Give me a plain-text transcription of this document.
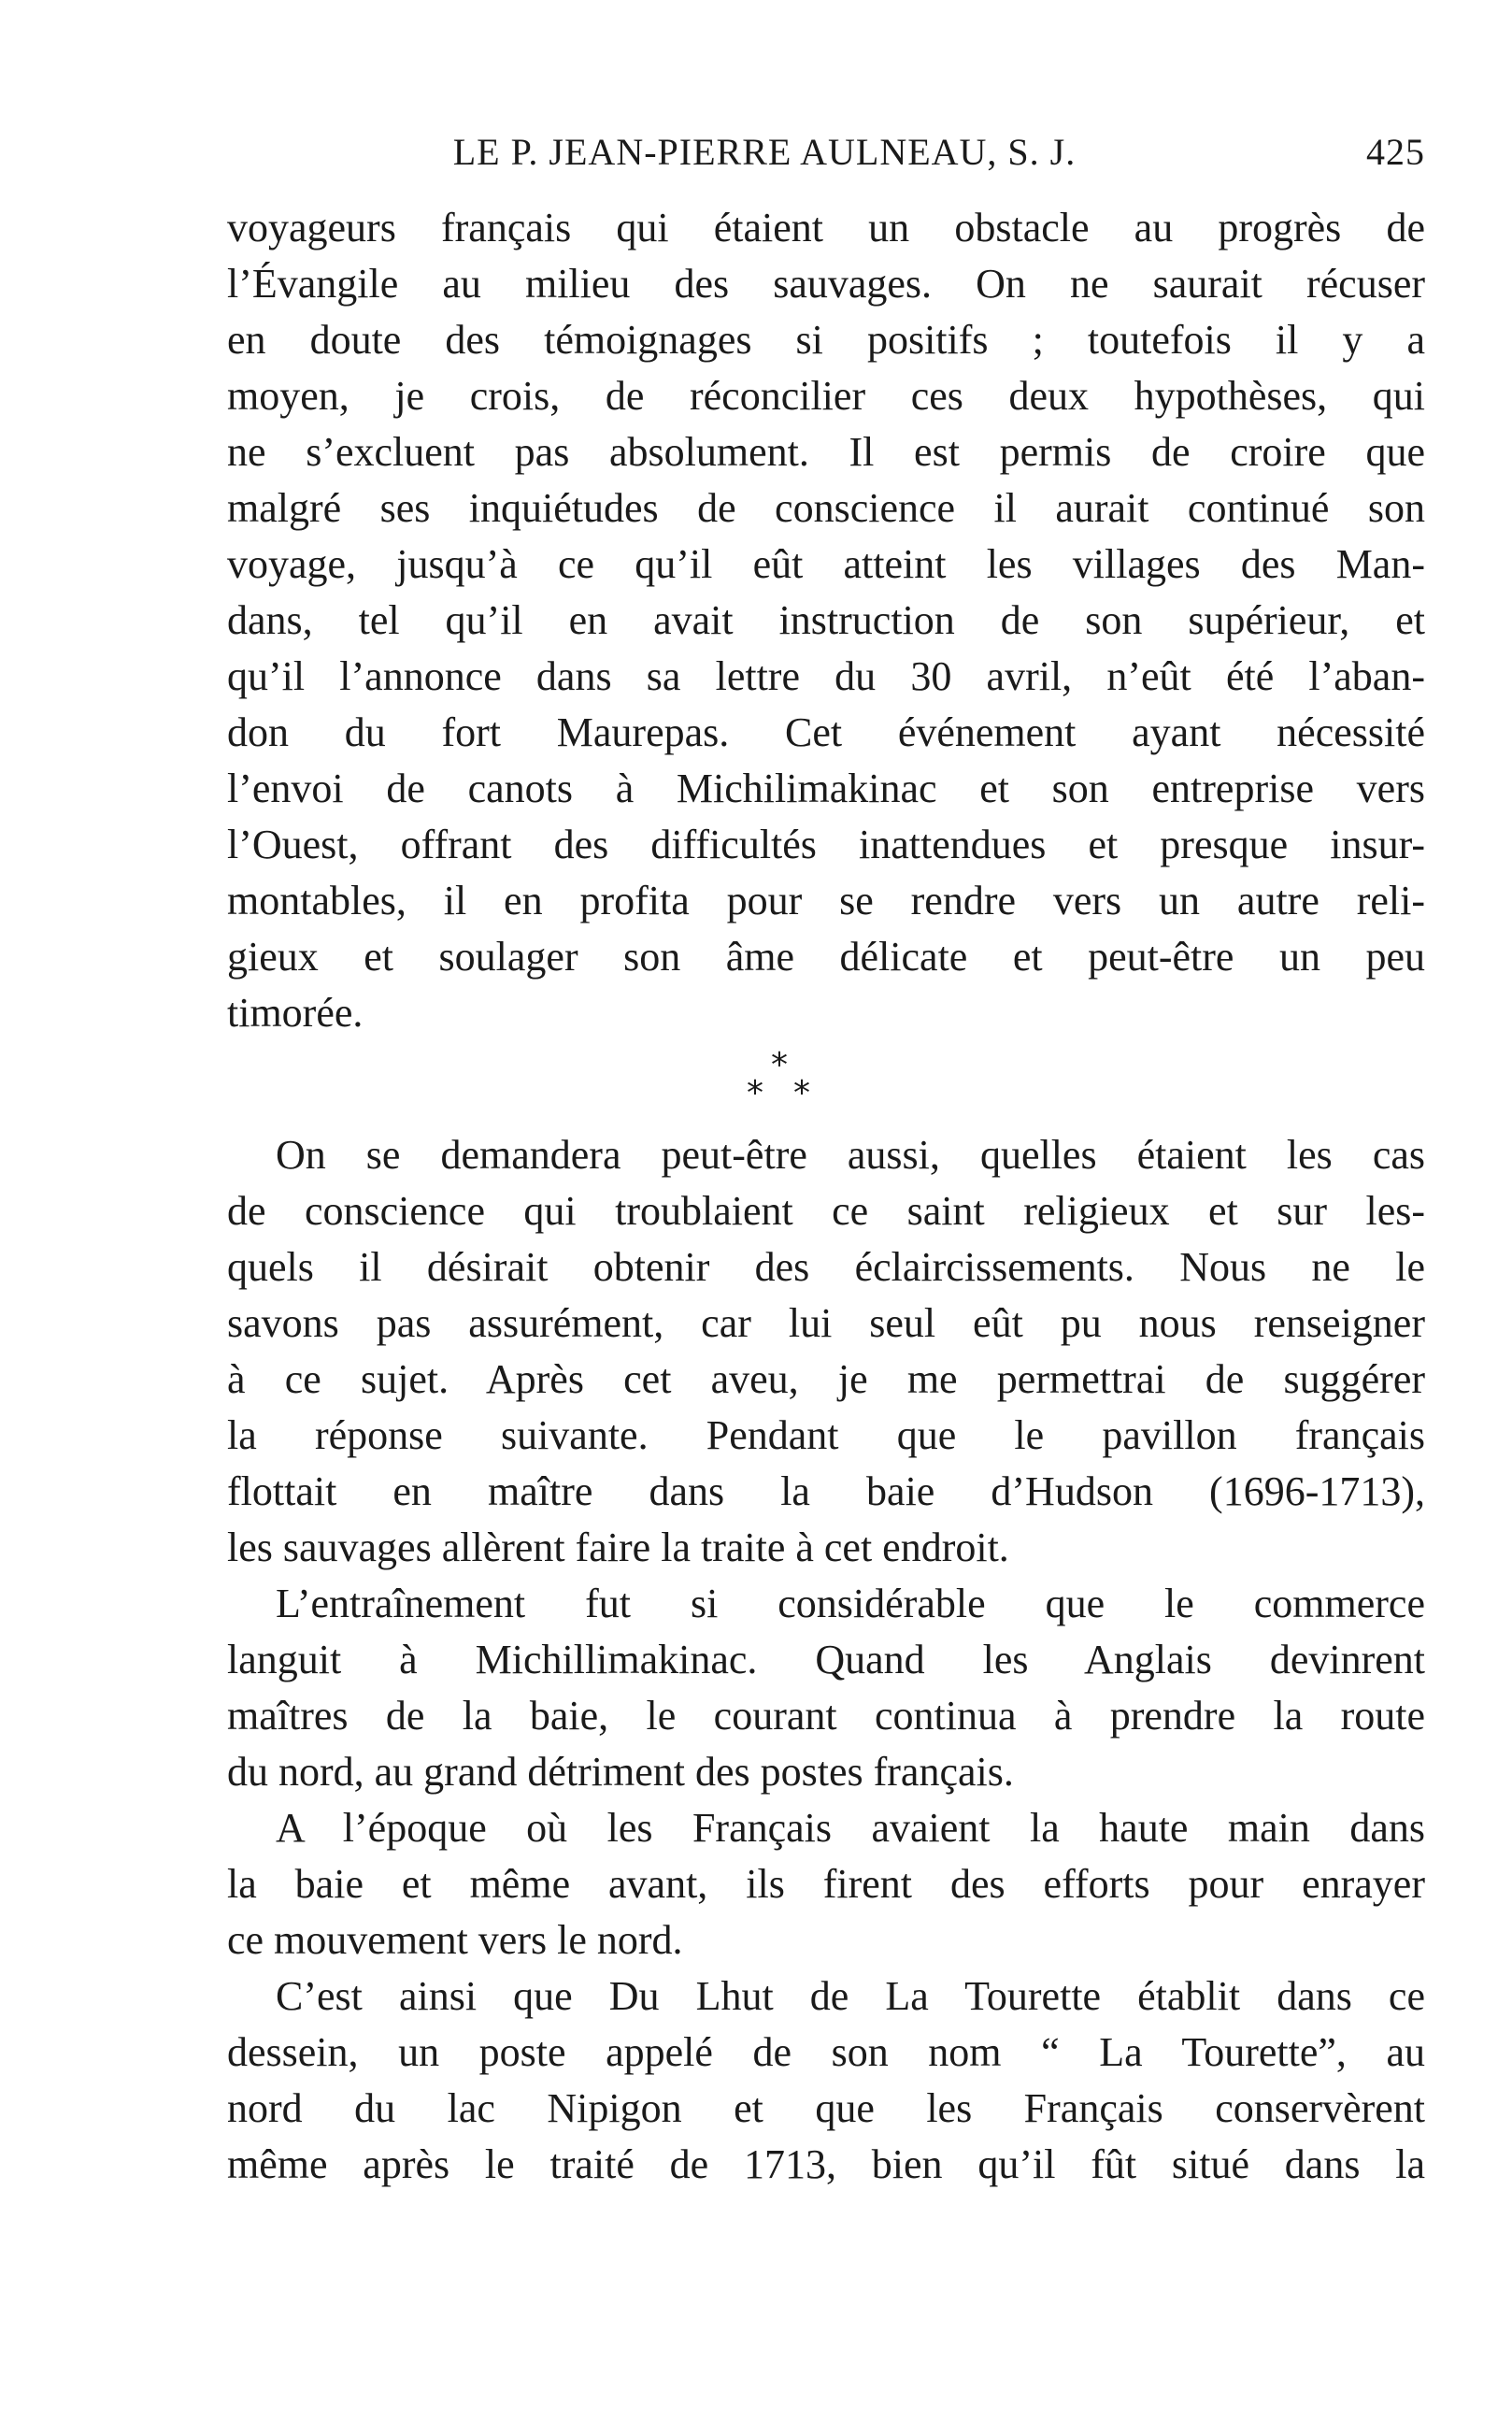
LE P. JEAN-PIERRE AULNEAU, S. J.	425
voyageurs français qui étaient un obstacle au progrès de
l’Évangile au milieu des sauvages. On ne saurait récuser
en doute des témoignages si positifs ; toutefois il y a
moyen, je crois, de réconcilier ces deux hypothèses, qui
ne s’excluent pas absolument. Il est permis de croire que
malgré ses inquiétudes de conscience il aurait continué son
voyage, jusqu’à ce qu’il eût atteint les villages des Man-
dans, tel qu’il en avait instruction de son supérieur, et
qu’il l’annonce dans sa lettre du 30 avril, n’eût été l’aban-
don du fort Maurepas. Cet événement ayant nécessité
l’envoi de canots à Michilimakinac et son entreprise vers
l’Ouest, offrant des difficultés inattendues et presque insur-
montables, il en profita pour se rendre vers un autre reli-
gieux et soulager son âme délicate et peut-être un peu
timorée.
*
* *
On se demandera peut-être aussi, quelles étaient les cas
de conscience qui troublaient ce saint religieux et sur les-
quels il désirait obtenir des éclaircissements. Nous ne le
savons pas assurément, car lui seul eût pu nous renseigner
à ce sujet. Après cet aveu, je me permettrai de suggérer
la réponse suivante. Pendant que le pavillon français
flottait en maître dans la baie d’Hudson (1696-1713),
les sauvages allèrent faire la traite à cet endroit.
L’entraînement fut si considérable que le commerce
languit à Michillimakinac. Quand les Anglais devinrent
maîtres de la baie, le courant continua à prendre la route
du nord, au grand détriment des postes français.
A l’époque où les Français avaient la haute main dans
la baie et même avant, ils firent des efforts pour enrayer
ce mouvement vers le nord.
C’est ainsi que Du Lhut de La Tourette établit dans ce
dessein, un poste appelé de son nom “ La Tourette”, au
nord du lac Nipigon et que les Français conservèrent
même après le traité de 1713, bien qu’il fût situé dans la
